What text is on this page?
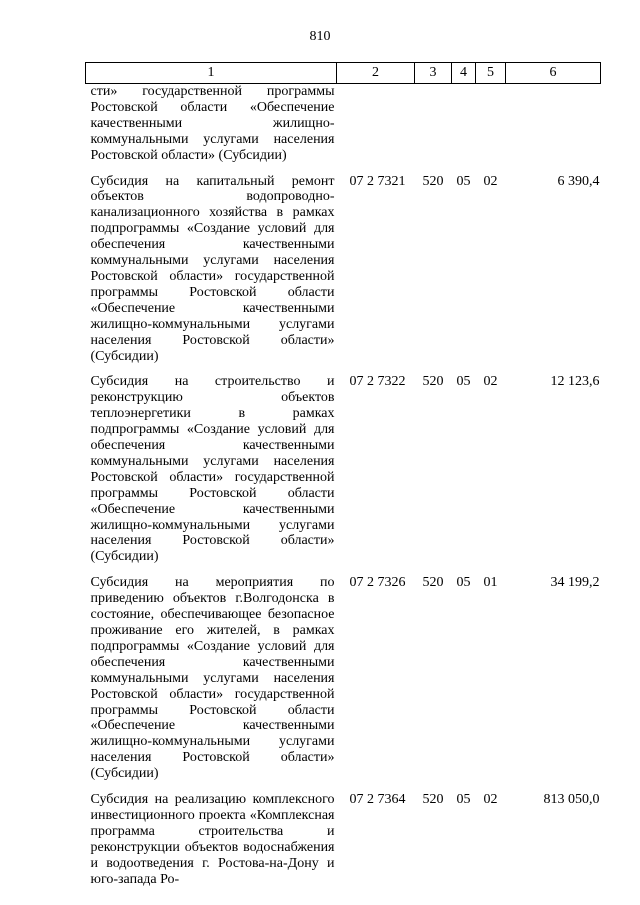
810
1	2	3	4	5	6
сти» государственной программы Ростовской области «Обеспечение качественными жилищно-коммунальными услугами населения Ростовской области» (Субсидии)					
Субсидия на капитальный ремонт объектов водопроводно-канализационного хозяйства в рамках подпрограммы «Создание условий для обеспечения качественными коммунальными услугами населения Ростовской области» государственной программы Ростовской области «Обеспечение качественными жилищно-коммунальными услугами населения Ростовской области» (Субсидии)	07 2 7321	520	05	02	6 390,4
Субсидия на строительство и реконструкцию объектов теплоэнергетики в рамках подпрограммы «Создание условий для обеспечения качественными коммунальными услугами населения Ростовской области» государственной программы Ростовской области «Обеспечение качественными жилищно-коммунальными услугами населения Ростовской области» (Субсидии)	07 2 7322	520	05	02	12 123,6
Субсидия на мероприятия по приведению объектов г.Волгодонска в состояние, обеспечивающее безопасное проживание его жителей, в рамках подпрограммы «Создание условий для обеспечения качественными коммунальными услугами населения Ростовской области» государственной программы Ростовской области «Обеспечение качественными жилищно-коммунальными услугами населения Ростовской области» (Субсидии)	07 2 7326	520	05	01	34 199,2
Субсидия на реализацию комплексного инвестиционного проекта «Комплексная программа строительства и реконструкции объектов водоснабжения и водоотведения г. Ростова-на-Дону и юго-запада Ро-	07 2 7364	520	05	02	813 050,0
